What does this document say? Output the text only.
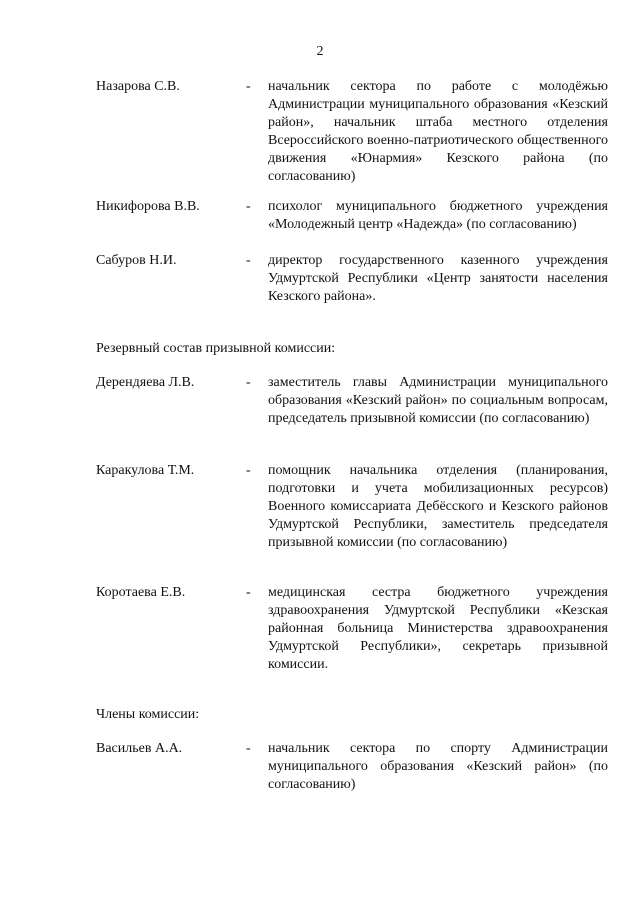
2
Назарова С.В.	- начальник сектора по работе с молодёжью Администрации муниципального образования «Кезский район», начальник штаба местного отделения Всероссийского военно-патриотического общественного движения «Юнармия» Кезского района (по согласованию)
Никифорова В.В.	- психолог муниципального бюджетного учреждения «Молодежный центр «Надежда» (по согласованию)
Сабуров Н.И.	- директор государственного казенного учреждения Удмуртской Республики «Центр занятости населения Кезского района».
Резервный состав призывной комиссии:
Дерендяева Л.В.	- заместитель главы Администрации муниципального образования «Кезский район» по социальным вопросам, председатель призывной комиссии (по согласованию)
Каракулова Т.М.	- помощник начальника отделения (планирования, подготовки и учета мобилизационных ресурсов) Военного комиссариата Дебёсского и Кезского районов Удмуртской Республики, заместитель председателя призывной комиссии (по согласованию)
Коротаева Е.В.	- медицинская сестра бюджетного учреждения здравоохранения Удмуртской Республики «Кезская районная больница Министерства здравоохранения Удмуртской Республики», секретарь призывной комиссии.
Члены комиссии:
Васильев А.А.	- начальник сектора по спорту Администрации муниципального образования «Кезский район» (по согласованию)
